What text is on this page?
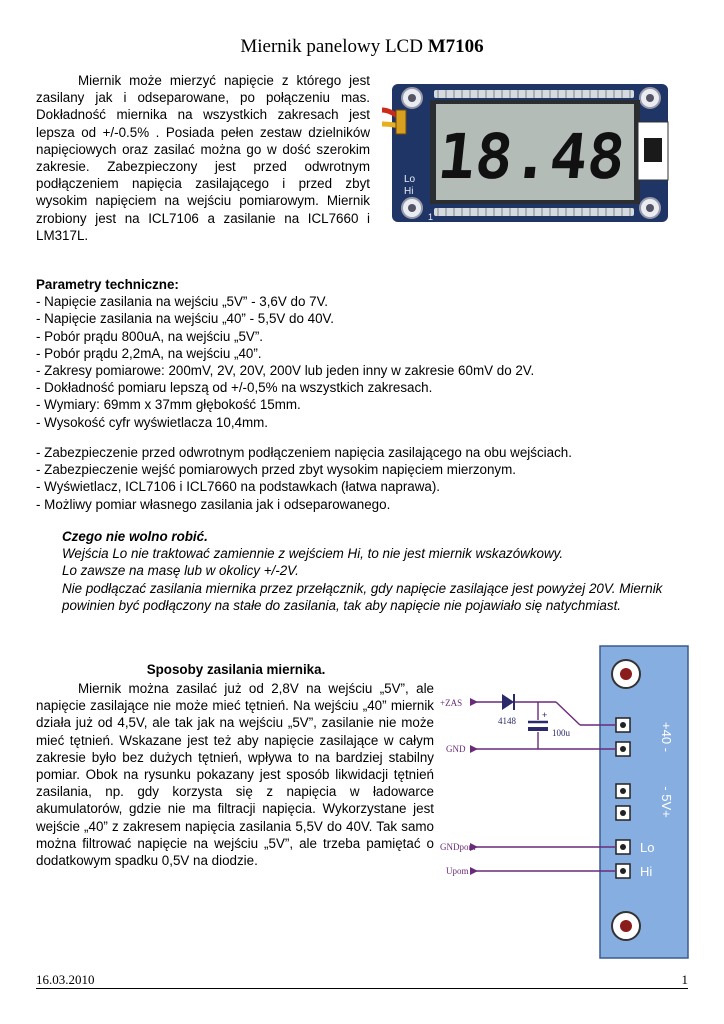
Miernik panelowy LCD M7106

Miernik może mierzyć napięcie z którego jest zasilany jak i odseparowane, po połączeniu mas. Dokładność miernika na wszystkich zakresach jest lepsza od +/-0.5% . Posiada pełen zestaw dzielników napięciowych oraz zasilać można go w dość szerokim zakresie. Zabezpieczony jest przed odwrotnym podłączeniem napięcia zasilającego i przed zbyt wysokim napięciem na wejściu pomiarowym. Miernik zrobiony jest na ICL7106 a zasilanie na ICL7660 i LM317L.

18.48
Lo
Hi
1
Parametry techniczne:
- Napięcie zasilania na wejściu „5V” - 3,6V do 7V.
- Napięcie zasilania na wejściu „40” - 5,5V do 40V.
- Pobór prądu 800uA, na wejściu „5V”.
- Pobór prądu 2,2mA, na wejściu „40”.
- Zakresy pomiarowe: 200mV, 2V, 20V, 200V lub jeden inny w zakresie 60mV do 2V.
- Dokładność pomiaru lepszą od +/-0,5% na wszystkich zakresach.
- Wymiary: 69mm x 37mm głębokość 15mm.
- Wysokość cyfr wyświetlacza 10,4mm.
- Zabezpieczenie przed odwrotnym podłączeniem napięcia zasilającego na obu wejściach.
- Zabezpieczenie wejść pomiarowych przed zbyt wysokim napięciem mierzonym.
- Wyświetlacz, ICL7106 i ICL7660 na podstawkach (łatwa naprawa).
- Możliwy pomiar własnego zasilania jak i odseparowanego.

Czego nie wolno robić.

Wejścia Lo nie traktować zamiennie z wejściem Hi, to nie jest miernik wskazówkowy.

Lo zawsze na masę lub w okolicy +/-2V.

Nie podłączać zasilania miernika przez przełącznik, gdy napięcie zasilające jest powyżej 20V. Miernik powinien być podłączony na stałe do zasilania, tak aby napięcie nie pojawiało się natychmiast.

Sposoby zasilania miernika.

Miernik można zasilać już od 2,8V na wejściu „5V”, ale napięcie zasilające nie może mieć tętnień. Na wejściu „40” miernik działa już od 4,5V, ale tak jak na wejściu „5V”, zasilanie nie może mieć tętnień. Wskazane jest też aby napięcie zasilające w całym zakresie było bez dużych tętnień, wpływa to na bardziej stabilny pomiar. Obok na rysunku pokazany jest sposób likwidacji tętnień zasilania, np. gdy korzysta się z napięcia w ładowarce akumulatorów, gdzie nie ma filtracji napięcia. Wykorzystane jest wejście „40” z zakresem napięcia zasilania 5,5V do 40V. Tak samo można filtrować napięcie na wejściu „5V”, ale trzeba pamiętać o dodatkowym spadku 0,5V na diodzie.

+40 -
- 5V+
Lo
Hi
4148
+
100u
+ZAS
GND
GNDpom
Upom
16.03.2010	1
